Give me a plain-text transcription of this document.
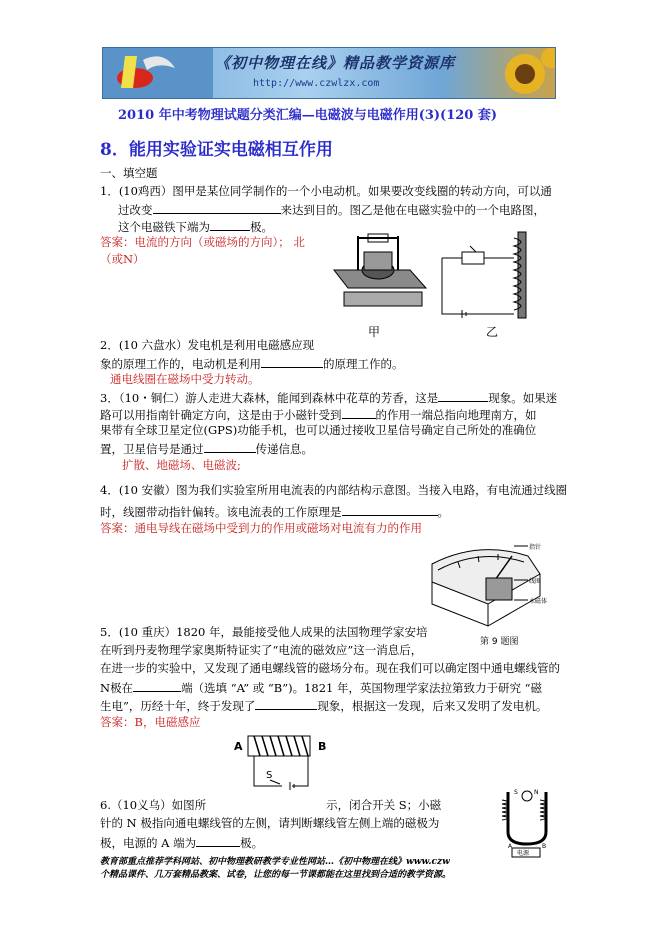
《初中物理在线》精品教学资源库
http://www.czwlzx.com
2010 年中考物理试题分类汇编—电磁波与电磁作用(3)(120 套)
8．能用实验证实电磁相互作用
一、填空题
1．(10鸡西）图甲是某位同学制作的一个小电动机。如果要改变线圈的转动方向，可以通
过改变	来达到目的。图乙是他在电磁实验中的一个电路图，
这个电磁铁下端为	极。
答案：电流的方向（或磁场的方向）； 北
（或N）
甲	乙
2．(10 六盘水）发电机是利用电磁感应现
象的原理工作的，电动机是利用	的原理工作的。
通电线圈在磁场中受力转动。
3．（10・铜仁）游人走进大森林，能闻到森林中花草的芳香，这是	现象。如果迷
路可以用指南针确定方向，这是由于小磁针受到	的作用一端总指向地理南方，如
果带有全球卫星定位(GPS)功能手机，也可以通过接收卫星信号确定自己所处的准确位
置，卫星信号是通过	传递信息。
扩散、地磁场、电磁波;
4．(10 安徽）图为我们实验室所用电流表的内部结构示意图。当接入电路，有电流通过线圈
时，线圈带动指针偏转。该电流表的工作原理是	。
答案：通电导线在磁场中受到力的作用或磁场对电流有力的作用
指针
线圈
永磁体
第 9 题图
5．(10 重庆）1820 年，最能接受他人成果的法国物理学家安培
在听到丹麦物理学家奥斯特证实了“电流的磁效应”这一消息后，
在进一步的实验中，又发现了通电螺线管的磁场分布。现在我们可以确定图中通电螺线管的
N极在	端（选填 “A” 或 “B”)。1821 年，英国物理学家法拉第致力于研究 “磁
生电”，历经十年，终于发现了	现象，根据这一发现，后来又发明了发电机。
答案：B，电磁感应
A	B
S
6.（10义乌）如图所	示，闭合开关 S；小磁
针的 N 极指向通电螺线管的左侧，请判断螺线管左侧上端的磁极为
极，电源的 A 端为	极。
S	N
A	B
电源
教育部重点推荐学科网站、初中物理教研教学专业性网站…《初中物理在线》www.czw
个精品课件、几万套精品教案、试卷，让您的每一节课都能在这里找到合适的教学资源。
